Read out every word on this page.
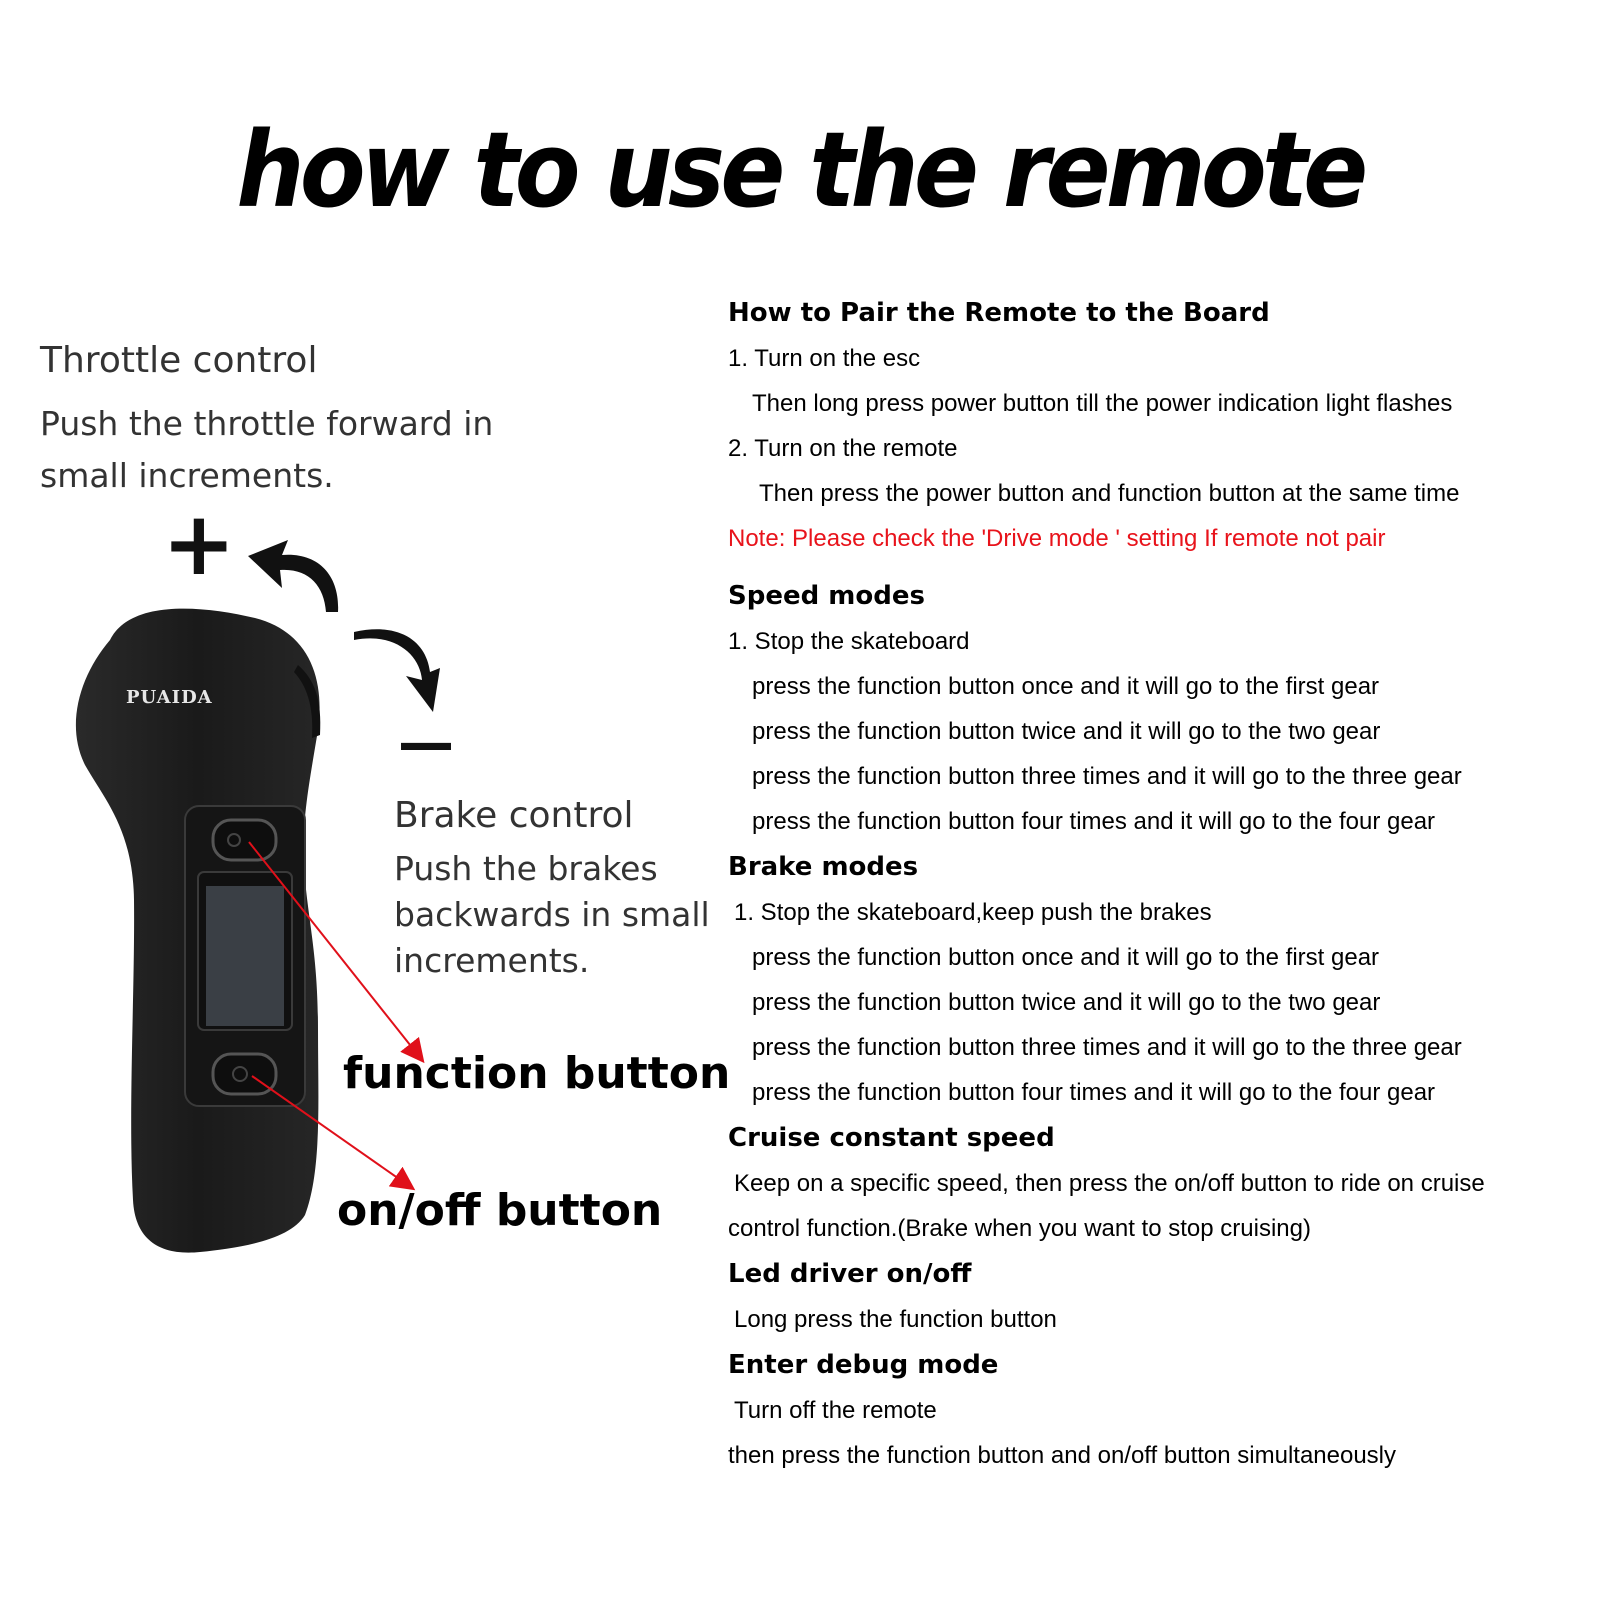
how to use the remote
PUAIDA
+
—
Throttle control
Push the throttle forward in small increments.
Brake control
Push the brakes backwards in small increments.
function button
on/off button
How to Pair the Remote to the Board
1. Turn on the esc
Then long press power button till the power indication light flashes
2. Turn on the remote
Then press the power button and function button at the same time
Note: Please check the 'Drive mode ' setting If remote not pair
Speed modes
1. Stop the skateboard
press the function button once and it will go to the first gear
press the function button twice and it will go to the two gear
press the function button three times and it will go to the three gear
press the function button four times and it will go to the four gear
Brake modes
1. Stop the skateboard,keep push the brakes
press the function button once and it will go to the first gear
press the function button twice and it will go to the two gear
press the function button three times and it will go to the three gear
press the function button four times and it will go to the four gear
Cruise constant speed
Keep on a specific speed, then press the on/off button to ride on cruise
control function.(Brake when you want to stop cruising)
Led driver on/off
Long press the function button
Enter debug mode
Turn off the remote
then press the function button and on/off button simultaneously
